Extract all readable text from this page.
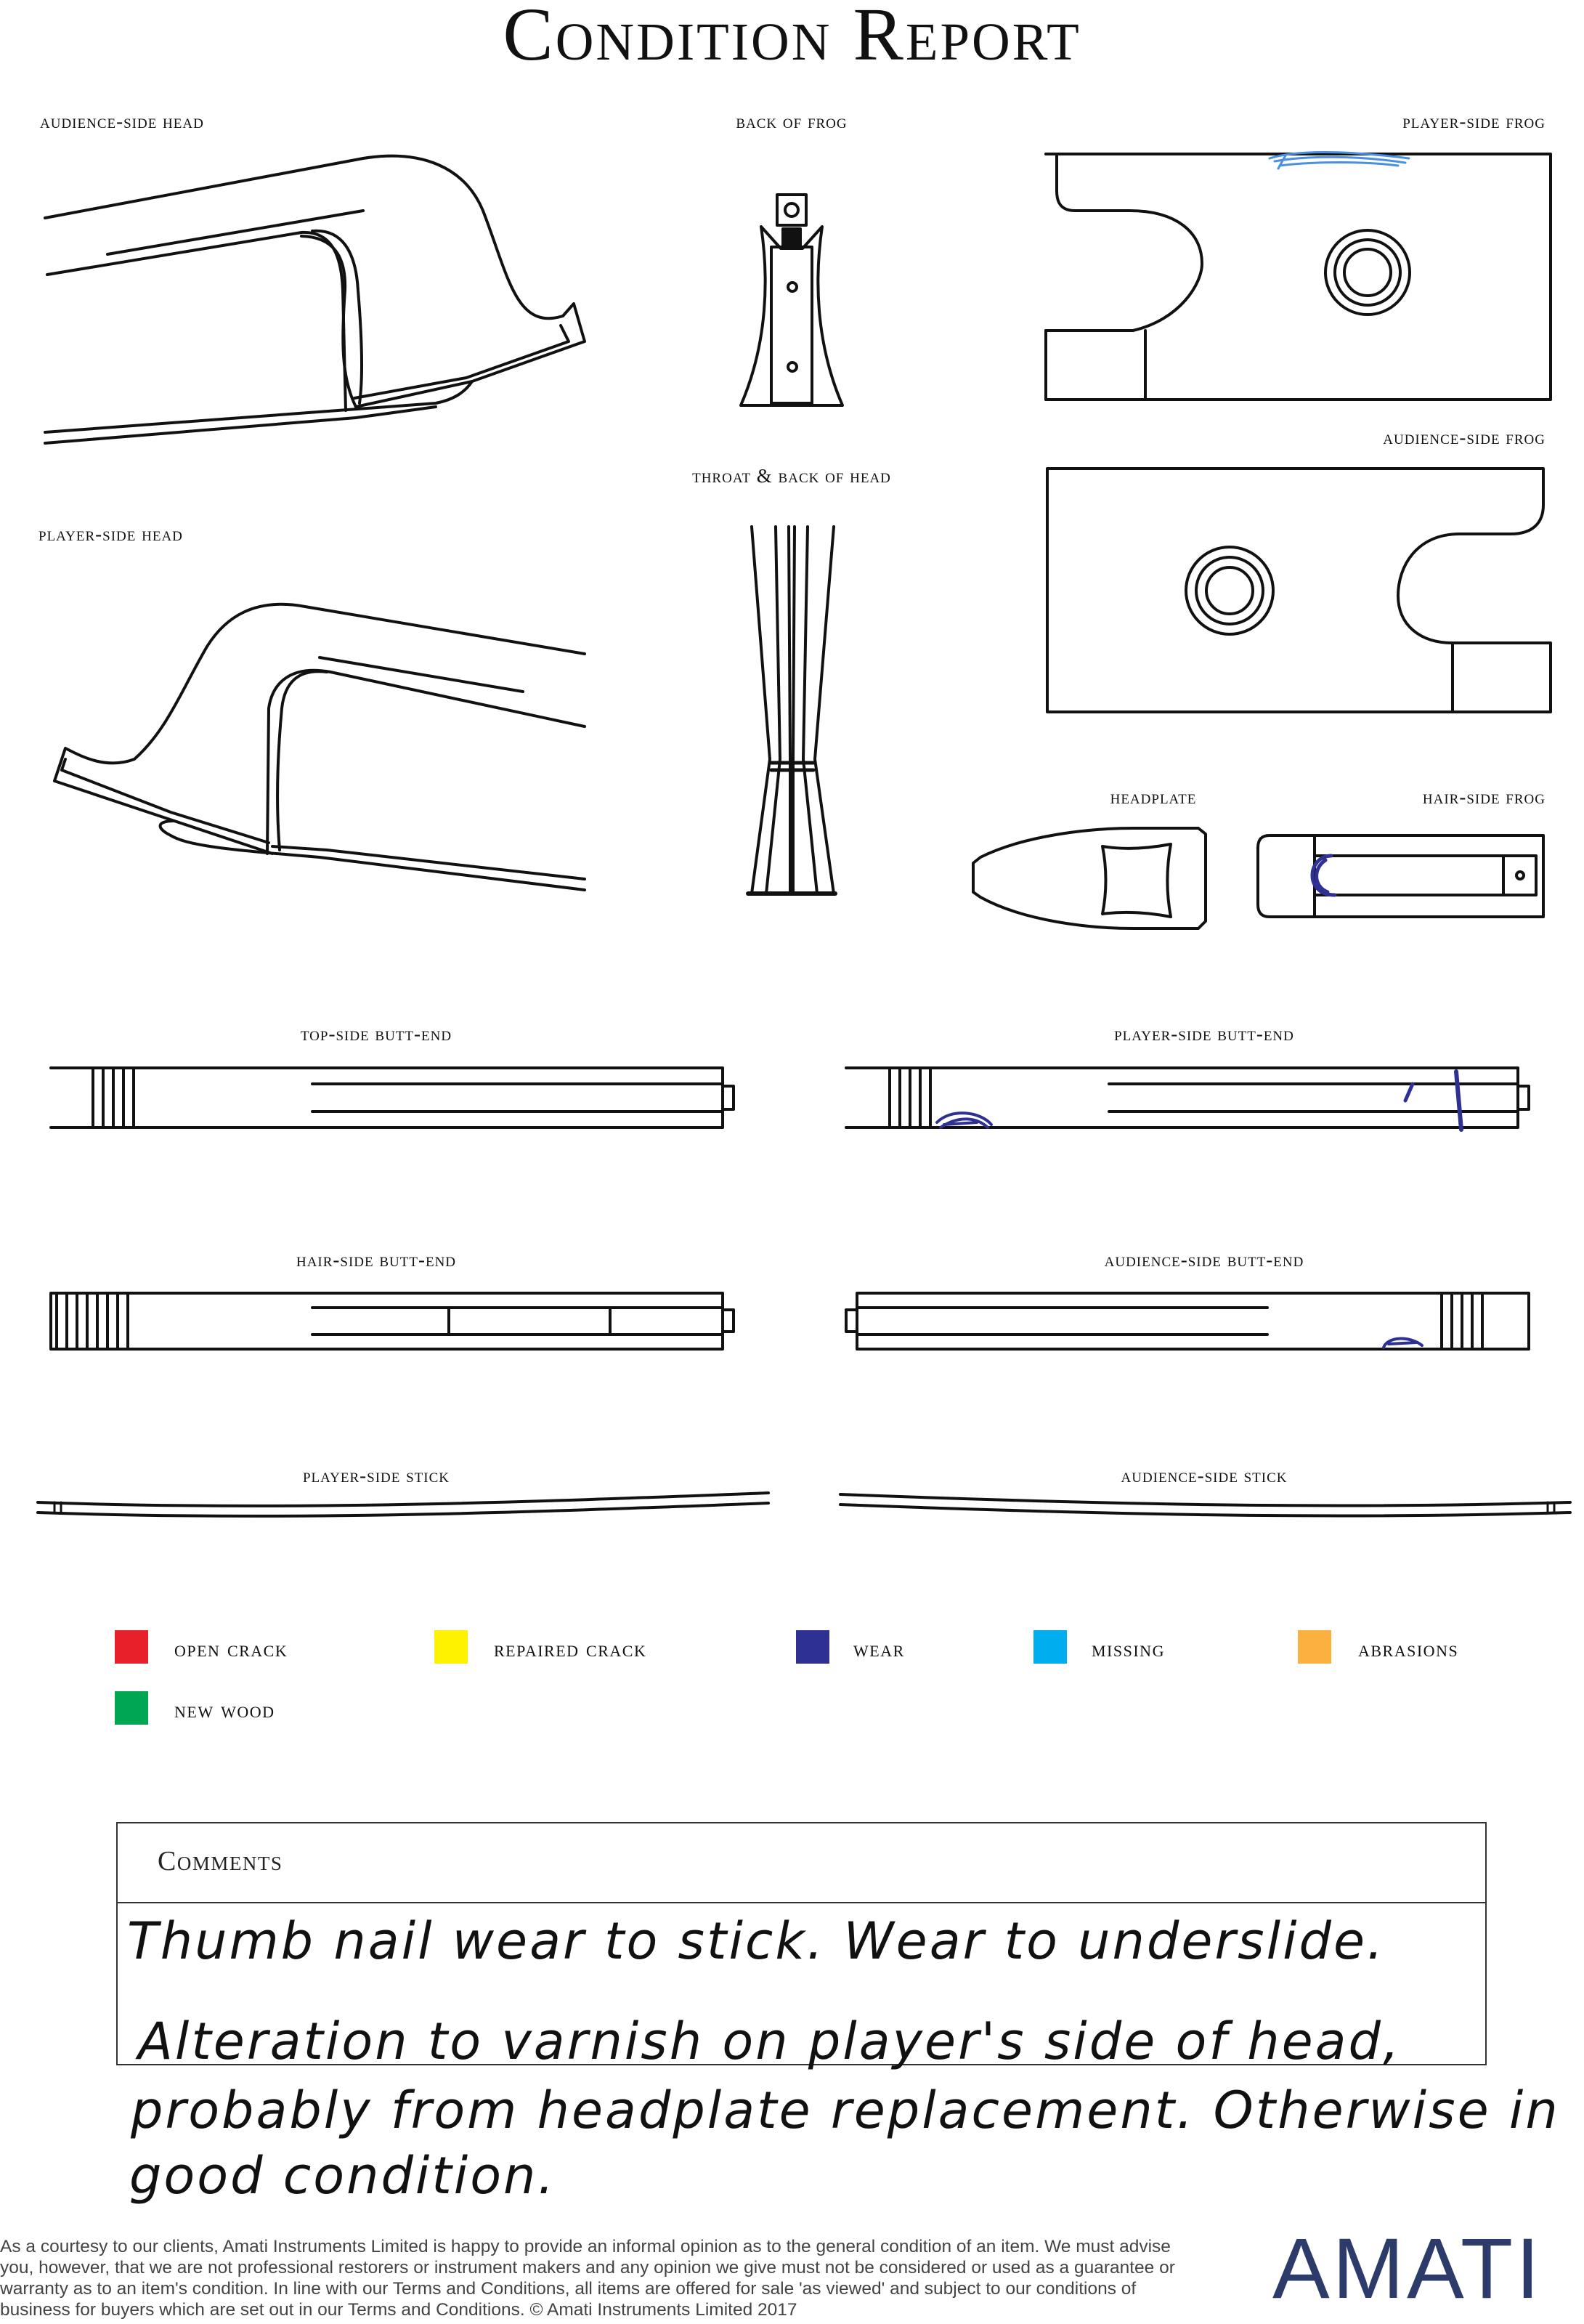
Condition Report
audience-side head	back of frog	player-side frog
audience-side frog
throat & back of head
player-side head
headplate	hair-side frog
top-side butt-end	player-side butt-end
hair-side butt-end	audience-side butt-end
player-side stick	audience-side stick
open crack	repaired crack	wear	missing	abrasions
new wood
Comments
Thumb nail wear to stick. Wear to underslide.
Alteration to varnish on player's side of head,
probably from headplate replacement. Otherwise in
good condition.
As a courtesy to our clients, Amati Instruments Limited is happy to provide an informal opinion as to the general condition of an item. We must advise you, however, that we are not professional restorers or instrument makers and any opinion we give must not be considered or used as a guarantee or warranty as to an item's condition. In line with our Terms and Conditions, all items are offered for sale 'as viewed' and subject to our conditions of business for buyers which are set out in our Terms and Conditions. © Amati Instruments Limited 2017	AMATI
